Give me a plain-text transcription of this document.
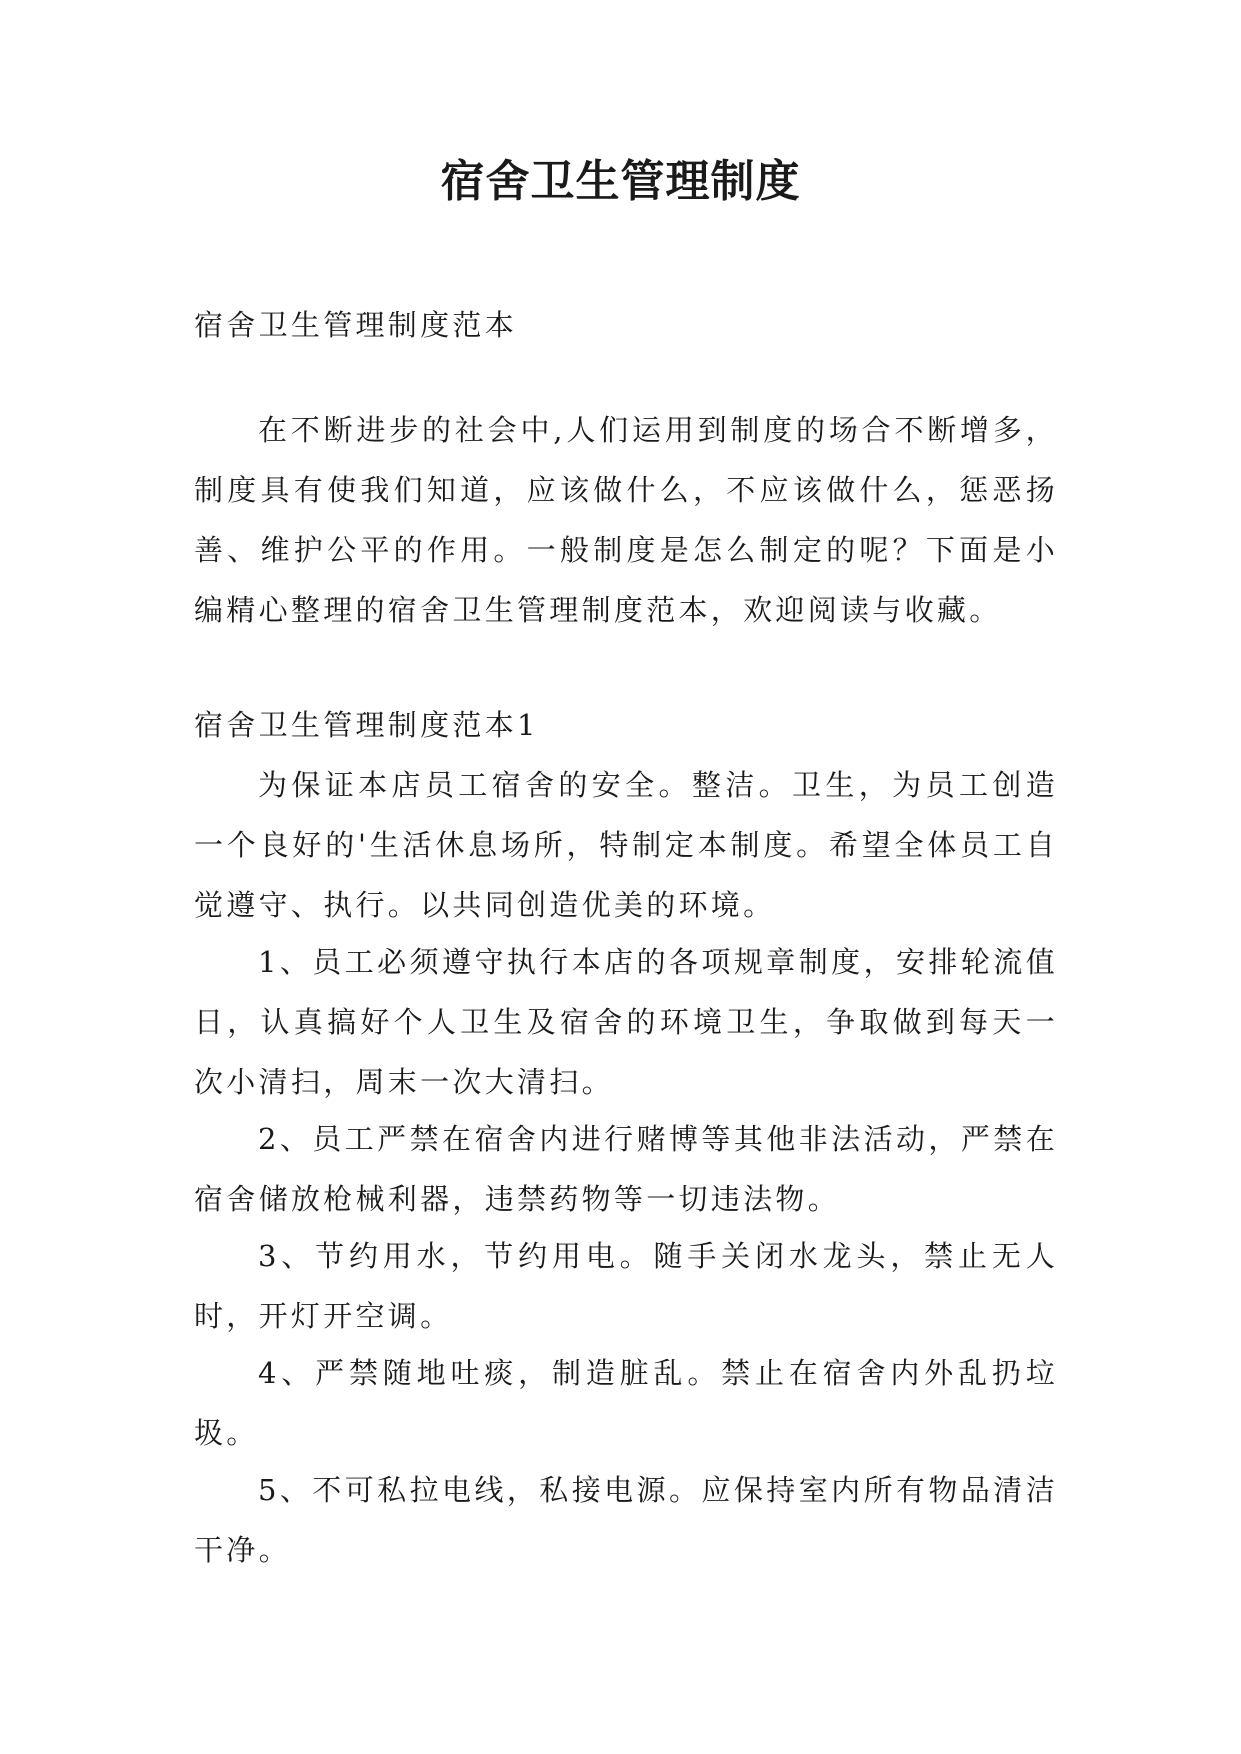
宿舍卫生管理制度

宿舍卫生管理制度范本

在不断进步的社会中,人们运用到制度的场合不断增多，制度具有使我们知道，应该做什么，不应该做什么，惩恶扬善、维护公平的作用。一般制度是怎么制定的呢？下面是小编精心整理的宿舍卫生管理制度范本，欢迎阅读与收藏。

宿舍卫生管理制度范本1

为保证本店员工宿舍的安全。整洁。卫生，为员工创造一个良好的'生活休息场所，特制定本制度。希望全体员工自觉遵守、执行。以共同创造优美的环境。

1、员工必须遵守执行本店的各项规章制度，安排轮流值日，认真搞好个人卫生及宿舍的环境卫生，争取做到每天一次小清扫，周末一次大清扫。

2、员工严禁在宿舍内进行赌博等其他非法活动，严禁在宿舍储放枪械利器，违禁药物等一切违法物。

3、节约用水，节约用电。随手关闭水龙头，禁止无人时，开灯开空调。

4、严禁随地吐痰，制造脏乱。禁止在宿舍内外乱扔垃圾。

5、不可私拉电线，私接电源。应保持室内所有物品清洁干净。
